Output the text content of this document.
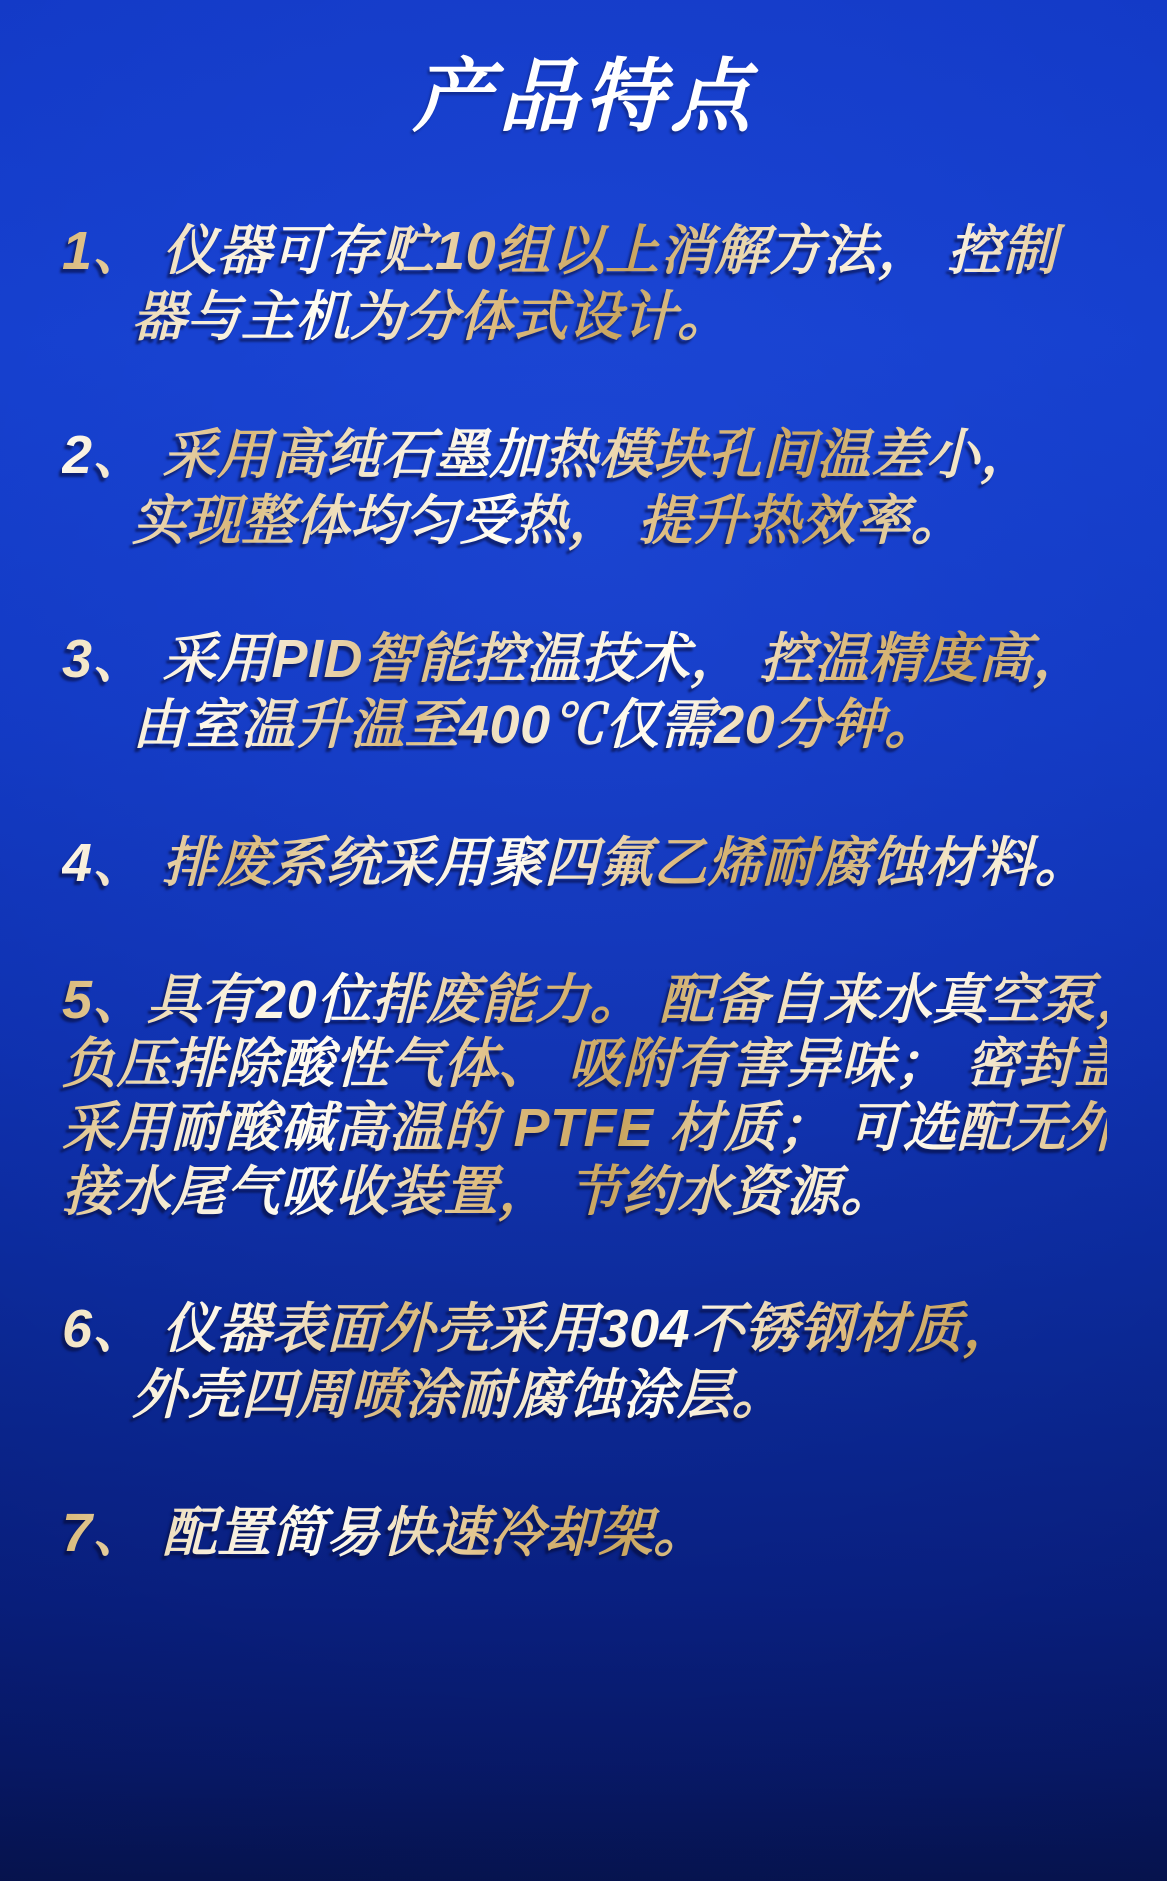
产品特点
1、 仪器可存贮10组以上消解方法， 控制
器与主机为分体式设计。
2、 采用高纯石墨加热模块孔间温差小，
实现整体均匀受热， 提升热效率。
3、 采用PID智能控温技术， 控温精度高，
由室温升温至400℃仅需20分钟。
4、 排废系统采用聚四氟乙烯耐腐蚀材料。
5、具有20位排废能力。 配备自来水真空泵，
负压排除酸性气体、 吸附有害异味； 密封盖
采用耐酸碱高温的 PTFE 材质； 可选配无外
接水尾气吸收装置， 节约水资源。
6、 仪器表面外壳采用304不锈钢材质，
外壳四周喷涂耐腐蚀涂层。
7、 配置简易快速冷却架。
